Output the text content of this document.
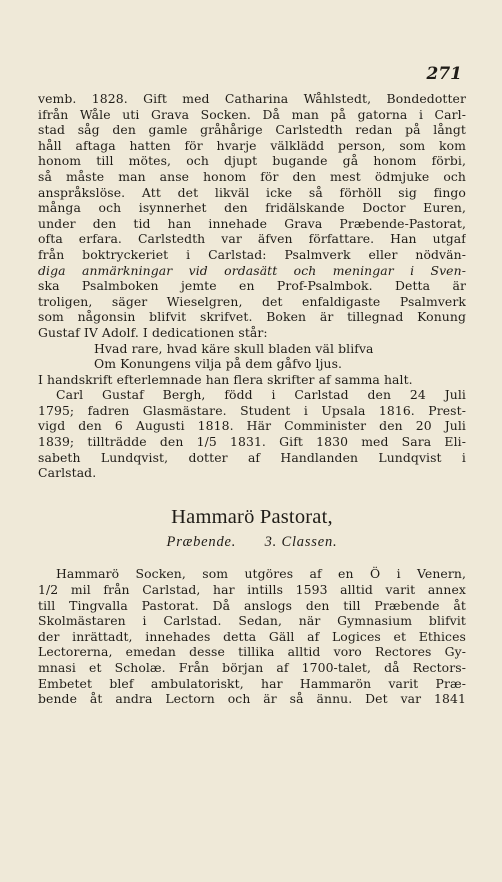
271
vemb. 1828. Gift med Catharina Wåhlstedt, Bondedotter
ifrån Wåle uti Grava Socken. Då man på gatorna i Carl-
stad såg den gamle gråhårige Carlstedth redan på långt
håll aftaga hatten för hvarje välklädd person, som kom
honom till mötes, och djupt bugande gå honom förbi,
så måste man anse honom för den mest ödmjuke och
anspråkslöse. Att det likväl icke så förhöll sig fingo
många och isynnerhet den fridälskande Doctor Euren,
under den tid han innehade Grava Præbende-Pastorat,
ofta erfara. Carlstedth var äfven författare. Han utgaf
från boktryckeriet i Carlstad: Psalmverk eller nödvän-
diga anmärkningar vid ordasätt och meningar i Sven-
ska Psalmboken jemte en Prof-Psalmbok. Detta är
troligen, säger Wieselgren, det enfaldigaste Psalmverk
som någonsin blifvit skrifvet. Boken är tillegnad Konung
Gustaf IV Adolf. I dedicationen står:
Hvad rare, hvad käre skull bladen väl blifva
Om Konungens vilja på dem gåfvo ljus.
I handskrift efterlemnade han flera skrifter af samma halt.
Carl Gustaf Bergh, född i Carlstad den 24 Juli
1795; fadren Glasmästare. Student i Upsala 1816. Prest-
vigd den 6 Augusti 1818. Här Comminister den 20 Juli
1839; tillträdde den 1/5 1831. Gift 1830 med Sara Eli-
sabeth Lundqvist, dotter af Handlanden Lundqvist i
Carlstad.
Hammarö Pastorat,
Præbende. 3. Classen.
Hammarö Socken, som utgöres af en Ö i Venern,
1/2 mil från Carlstad, har intills 1593 alltid varit annex
till Tingvalla Pastorat. Då anslogs den till Præbende åt
Skolmästaren i Carlstad. Sedan, när Gymnasium blifvit
der inrättadt, innehades detta Gäll af Logices et Ethices
Lectorerna, emedan desse tillika alltid voro Rectores Gy-
mnasi et Scholæ. Från början af 1700-talet, då Rectors-
Embetet blef ambulatoriskt, har Hammarön varit Præ-
bende åt andra Lectorn och är så ännu. Det var 1841
